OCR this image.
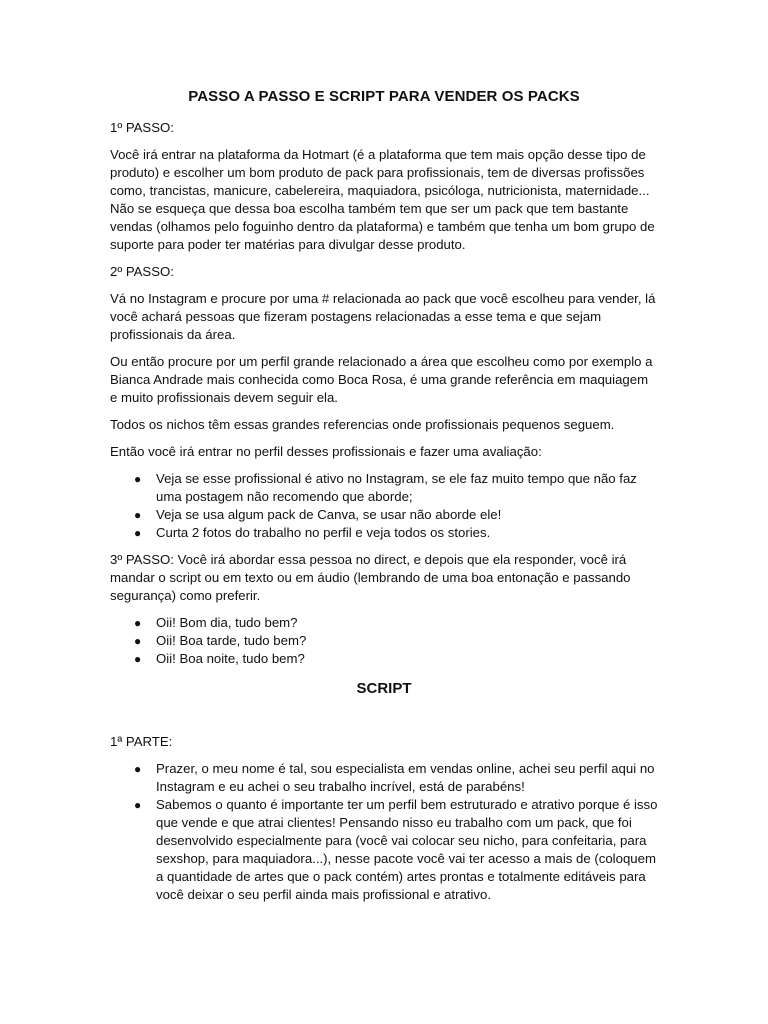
PASSO A PASSO E SCRIPT PARA VENDER OS PACKS

1º PASSO:

Você irá entrar na plataforma da Hotmart (é a plataforma que tem mais opção desse tipo de produto) e escolher um bom produto de pack para profissionais, tem de diversas profissões como, trancistas, manicure, cabelereira, maquiadora, psicóloga, nutricionista, maternidade... Não se esqueça que dessa boa escolha também tem que ser um pack que tem bastante vendas (olhamos pelo foguinho dentro da plataforma) e também que tenha um bom grupo de suporte para poder ter matérias para divulgar desse produto.

2º PASSO:

Vá no Instagram e procure por uma # relacionada ao pack que você escolheu para vender, lá você achará pessoas que fizeram postagens relacionadas a esse tema e que sejam profissionais da área.

Ou então procure por um perfil grande relacionado a área que escolheu como por exemplo a Bianca Andrade mais conhecida como Boca Rosa, é uma grande referência em maquiagem e muito profissionais devem seguir ela.

Todos os nichos têm essas grandes referencias onde profissionais pequenos seguem.

Então você irá entrar no perfil desses profissionais e fazer uma avaliação:

● Veja se esse profissional é ativo no Instagram, se ele faz muito tempo que não faz uma postagem não recomendo que aborde;
● Veja se usa algum pack de Canva, se usar não aborde ele!
● Curta 2 fotos do trabalho no perfil e veja todos os stories.

3º PASSO: Você irá abordar essa pessoa no direct, e depois que ela responder, você irá mandar o script ou em texto ou em áudio (lembrando de uma boa entonação e passando segurança) como preferir.

● Oii! Bom dia, tudo bem?
● Oii! Boa tarde, tudo bem?
● Oii! Boa noite, tudo bem?
SCRIPT

1ª PARTE:

● Prazer, o meu nome é tal, sou especialista em vendas online, achei seu perfil aqui no Instagram e eu achei o seu trabalho incrível, está de parabéns!
● Sabemos o quanto é importante ter um perfil bem estruturado e atrativo porque é isso que vende e que atrai clientes! Pensando nisso eu trabalho com um pack, que foi desenvolvido especialmente para (você vai colocar seu nicho, para confeitaria, para sexshop, para maquiadora...), nesse pacote você vai ter acesso a mais de (coloquem a quantidade de artes que o pack contém) artes prontas e totalmente editáveis para você deixar o seu perfil ainda mais profissional e atrativo.
